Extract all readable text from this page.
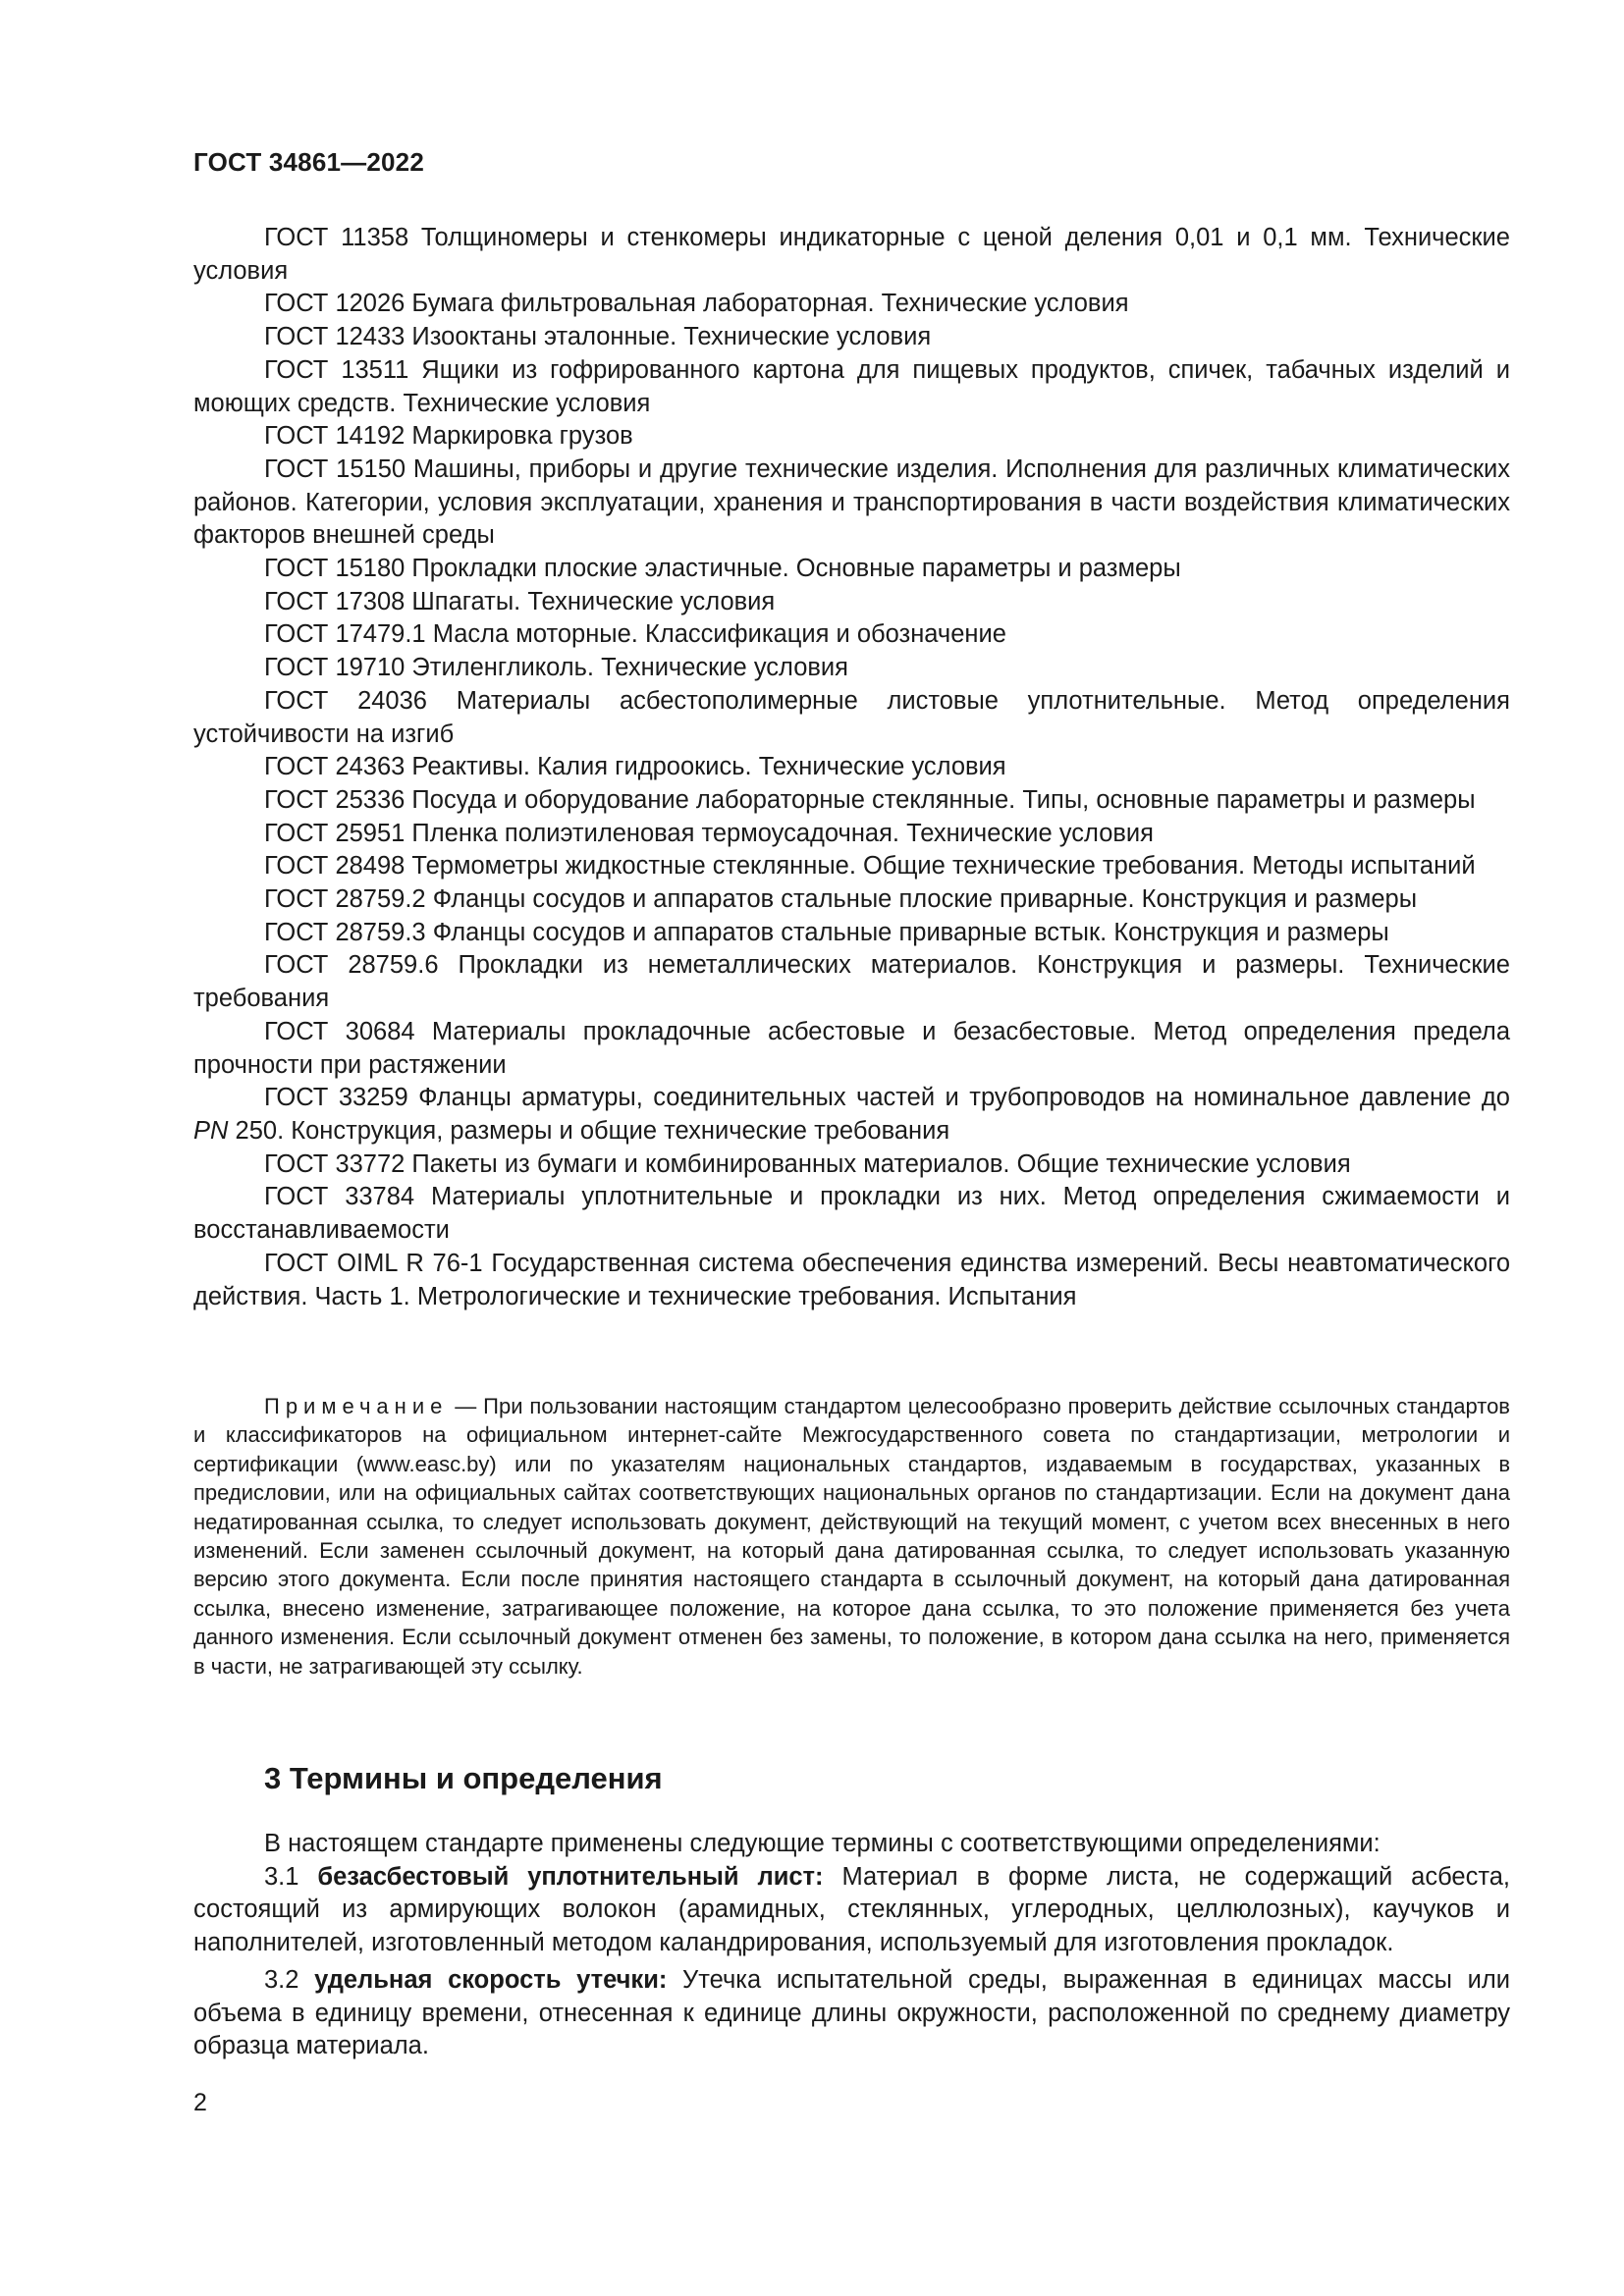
ГОСТ 34861—2022

ГОСТ 11358 Толщиномеры и стенкомеры индикаторные с ценой деления 0,01 и 0,1 мм. Технические условия

ГОСТ 12026 Бумага фильтровальная лабораторная. Технические условия

ГОСТ 12433 Изооктаны эталонные. Технические условия

ГОСТ 13511 Ящики из гофрированного картона для пищевых продуктов, спичек, табачных изделий и моющих средств. Технические условия

ГОСТ 14192 Маркировка грузов

ГОСТ 15150 Машины, приборы и другие технические изделия. Исполнения для различных климатических районов. Категории, условия эксплуатации, хранения и транспортирования в части воздействия климатических факторов внешней среды

ГОСТ 15180 Прокладки плоские эластичные. Основные параметры и размеры

ГОСТ 17308 Шпагаты. Технические условия

ГОСТ 17479.1 Масла моторные. Классификация и обозначение

ГОСТ 19710 Этиленгликоль. Технические условия

ГОСТ 24036 Материалы асбестополимерные листовые уплотнительные. Метод определения устойчивости на изгиб

ГОСТ 24363 Реактивы. Калия гидроокись. Технические условия

ГОСТ 25336 Посуда и оборудование лабораторные стеклянные. Типы, основные параметры и размеры

ГОСТ 25951 Пленка полиэтиленовая термоусадочная. Технические условия

ГОСТ 28498 Термометры жидкостные стеклянные. Общие технические требования. Методы испытаний

ГОСТ 28759.2 Фланцы сосудов и аппаратов стальные плоские приварные. Конструкция и размеры

ГОСТ 28759.3 Фланцы сосудов и аппаратов стальные приварные встык. Конструкция и размеры

ГОСТ 28759.6 Прокладки из неметаллических материалов. Конструкция и размеры. Технические требования

ГОСТ 30684 Материалы прокладочные асбестовые и безасбестовые. Метод определения предела прочности при растяжении

ГОСТ 33259 Фланцы арматуры, соединительных частей и трубопроводов на номинальное давление до PN 250. Конструкция, размеры и общие технические требования

ГОСТ 33772 Пакеты из бумаги и комбинированных материалов. Общие технические условия

ГОСТ 33784 Материалы уплотнительные и прокладки из них. Метод определения сжимаемости и восстанавливаемости

ГОСТ OIML R 76-1 Государственная система обеспечения единства измерений. Весы неавтоматического действия. Часть 1. Метрологические и технические требования. Испытания

Примечание — При пользовании настоящим стандартом целесообразно проверить действие ссылочных стандартов и классификаторов на официальном интернет-сайте Межгосударственного совета по стандартизации, метрологии и сертификации (www.easc.by) или по указателям национальных стандартов, издаваемым в государствах, указанных в предисловии, или на официальных сайтах соответствующих национальных органов по стандартизации. Если на документ дана недатированная ссылка, то следует использовать документ, действующий на текущий момент, с учетом всех внесенных в него изменений. Если заменен ссылочный документ, на который дана датированная ссылка, то следует использовать указанную версию этого документа. Если после принятия настоящего стандарта в ссылочный документ, на который дана датированная ссылка, внесено изменение, затрагивающее положение, на которое дана ссылка, то это положение применяется без учета данного изменения. Если ссылочный документ отменен без замены, то положение, в котором дана ссылка на него, применяется в части, не затрагивающей эту ссылку.

3 Термины и определения

В настоящем стандарте применены следующие термины с соответствующими определениями:

3.1 безасбестовый уплотнительный лист: Материал в форме листа, не содержащий асбеста, состоящий из армирующих волокон (арамидных, стеклянных, углеродных, целлюлозных), каучуков и наполнителей, изготовленный методом каландрирования, используемый для изготовления прокладок.

3.2 удельная скорость утечки: Утечка испытательной среды, выраженная в единицах массы или объема в единицу времени, отнесенная к единице длины окружности, расположенной по среднему диаметру образца материала.

2
